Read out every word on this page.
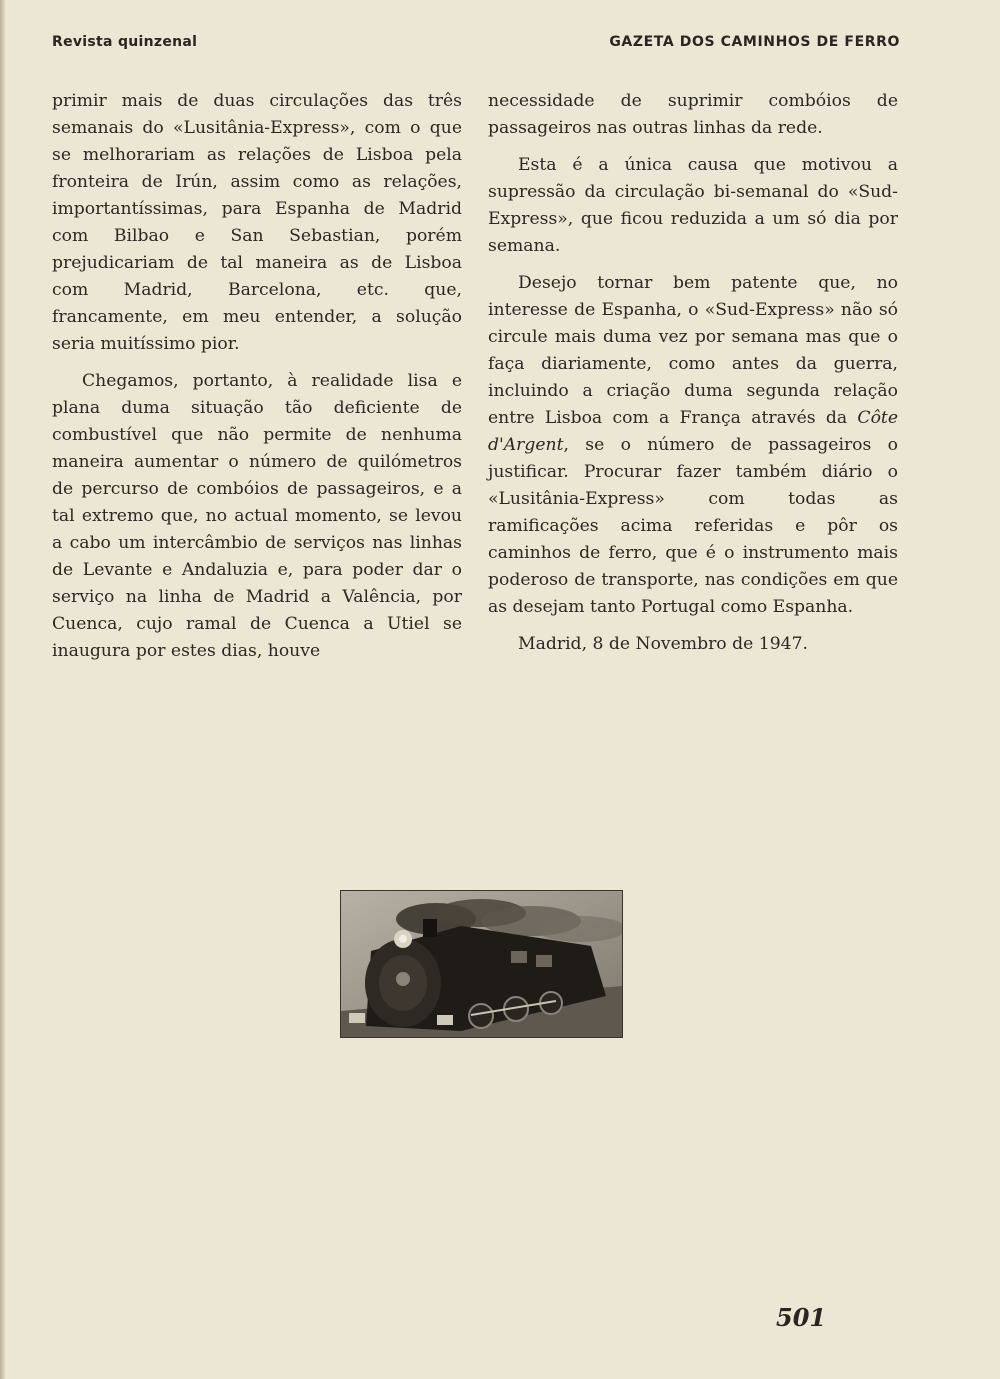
Revista quinzenal	GAZETA DOS CAMINHOS DE FERRO

primir mais de duas circulações das três semanais do «Lusitânia-Express», com o que se melhorariam as relações de Lisboa pela fronteira de Irún, assim como as relações, importantíssimas, para Espanha de Madrid com Bilbao e San Sebastian, porém prejudicariam de tal maneira as de Lisboa com Madrid, Barcelona, etc. que, francamente, em meu entender, a solução seria muitíssimo pior.

Chegamos, portanto, à realidade lisa e plana duma situação tão deficiente de combustível que não permite de nenhuma maneira aumentar o número de quilómetros de percurso de combóios de passageiros, e a tal extremo que, no actual momento, se levou a cabo um intercâmbio de serviços nas linhas de Levante e Andaluzia e, para poder dar o serviço na linha de Madrid a Valência, por Cuenca, cujo ramal de Cuenca a Utiel se inaugura por estes dias, houve

necessidade de suprimir combóios de passageiros nas outras linhas da rede.

Esta é a única causa que motivou a supressão da circulação bi-semanal do «Sud-Express», que ficou reduzida a um só dia por semana.

Desejo tornar bem patente que, no interesse de Espanha, o «Sud-Express» não só circule mais duma vez por semana mas que o faça diariamente, como antes da guerra, incluindo a criação duma segunda relação entre Lisboa com a França através da Côte d'Argent, se o número de passageiros o justificar. Procurar fazer também diário o «Lusitânia-Express» com todas as ramificações acima referidas e pôr os caminhos de ferro, que é o instrumento mais poderoso de transporte, nas condições em que as desejam tanto Portugal como Espanha.

Madrid, 8 de Novembro de 1947.

501
